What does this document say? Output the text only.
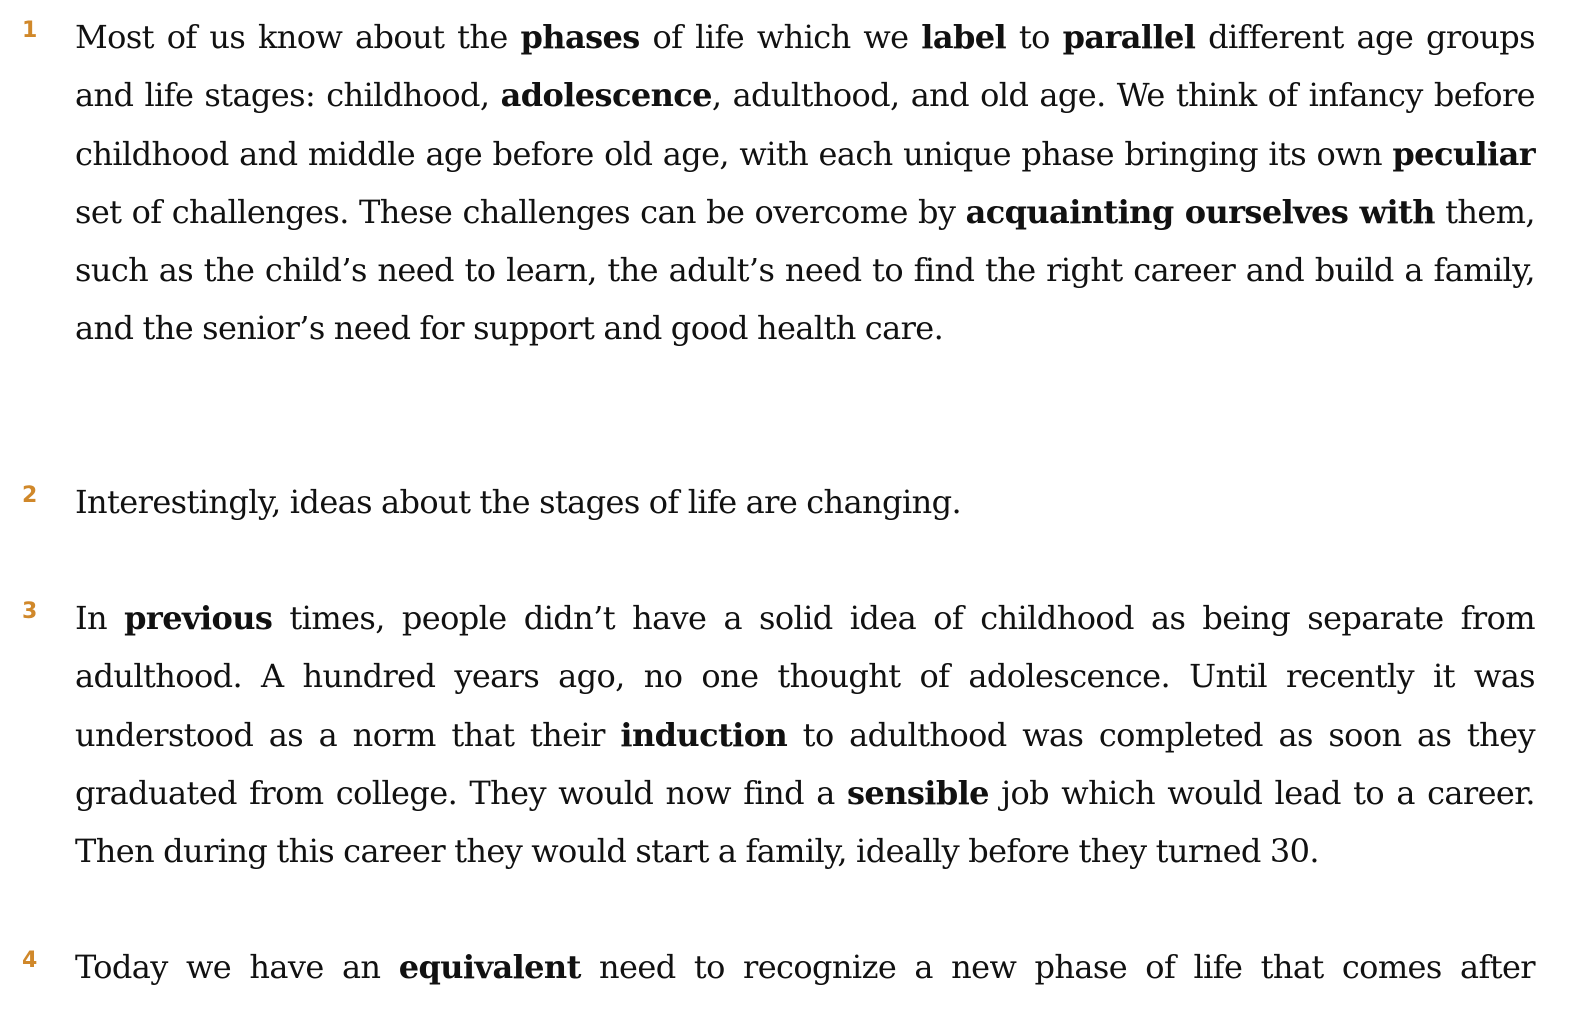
1 Most of us know about the phases of life which we label to parallel different age groups and life stages: childhood, adolescence, adulthood, and old age. We think of infancy before childhood and middle age before old age, with each unique phase bringing its own peculiar set of challenges. These challenges can be overcome by acquainting ourselves with them, such as the child’s need to learn, the adult’s need to find the right career and build a family, and the senior’s need for support and good health care.

2 Interestingly, ideas about the stages of life are changing.

3 In previous times, people didn’t have a solid idea of childhood as being separate from adulthood. A hundred years ago, no one thought of adolescence. Until recently it was understood as a norm that their induction to adulthood was completed as soon as they graduated from college. They would now find a sensible job which would lead to a career. Then during this career they would start a family, ideally before they turned 30.

4 Today we have an equivalent need to recognize a new phase of life that comes after
